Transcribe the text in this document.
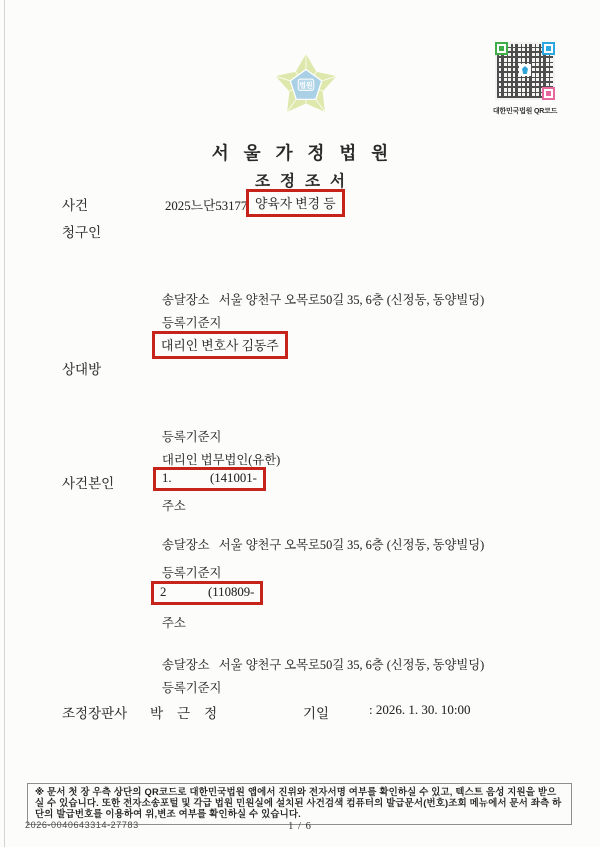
법원
대한민국법원 QR코드
서울가정법원
조정조서
사건	2025느단53177 양육자 변경 등
청구인
송달장소   서울 양천구 오목로50길 35, 6층 (신정동, 동양빌딩)
등록기준지
대리인 변호사 김동주
상대방
등록기준지
대리인 법무법인(유한)
사건본인	1.            (141001-
주소
송달장소   서울 양천구 오목로50길 35, 6층 (신정동, 동양빌딩)
등록기준지
2             (110809-
주소
송달장소   서울 양천구 오목로50길 35, 6층 (신정동, 동양빌딩)
등록기준지
조정장판사	박근정	기일	: 2026. 1. 30. 10:00
※ 문서 첫 장 우측 상단의 QR코드로 대한민국법원 앱에서 진위와 전자서명 여부를 확인하실 수 있고, 텍스트 음성 지원을 받으실 수 있습니다. 또한 전자소송포털 및 각급 법원 민원실에 설치된 사건검색 컴퓨터의 발급문서(번호)조회 메뉴에서 문서 좌측 하단의 발급번호를 이용하여 위,변조 여부를 확인하실 수 있습니다.
2026-0040643314-27783	1 / 6
